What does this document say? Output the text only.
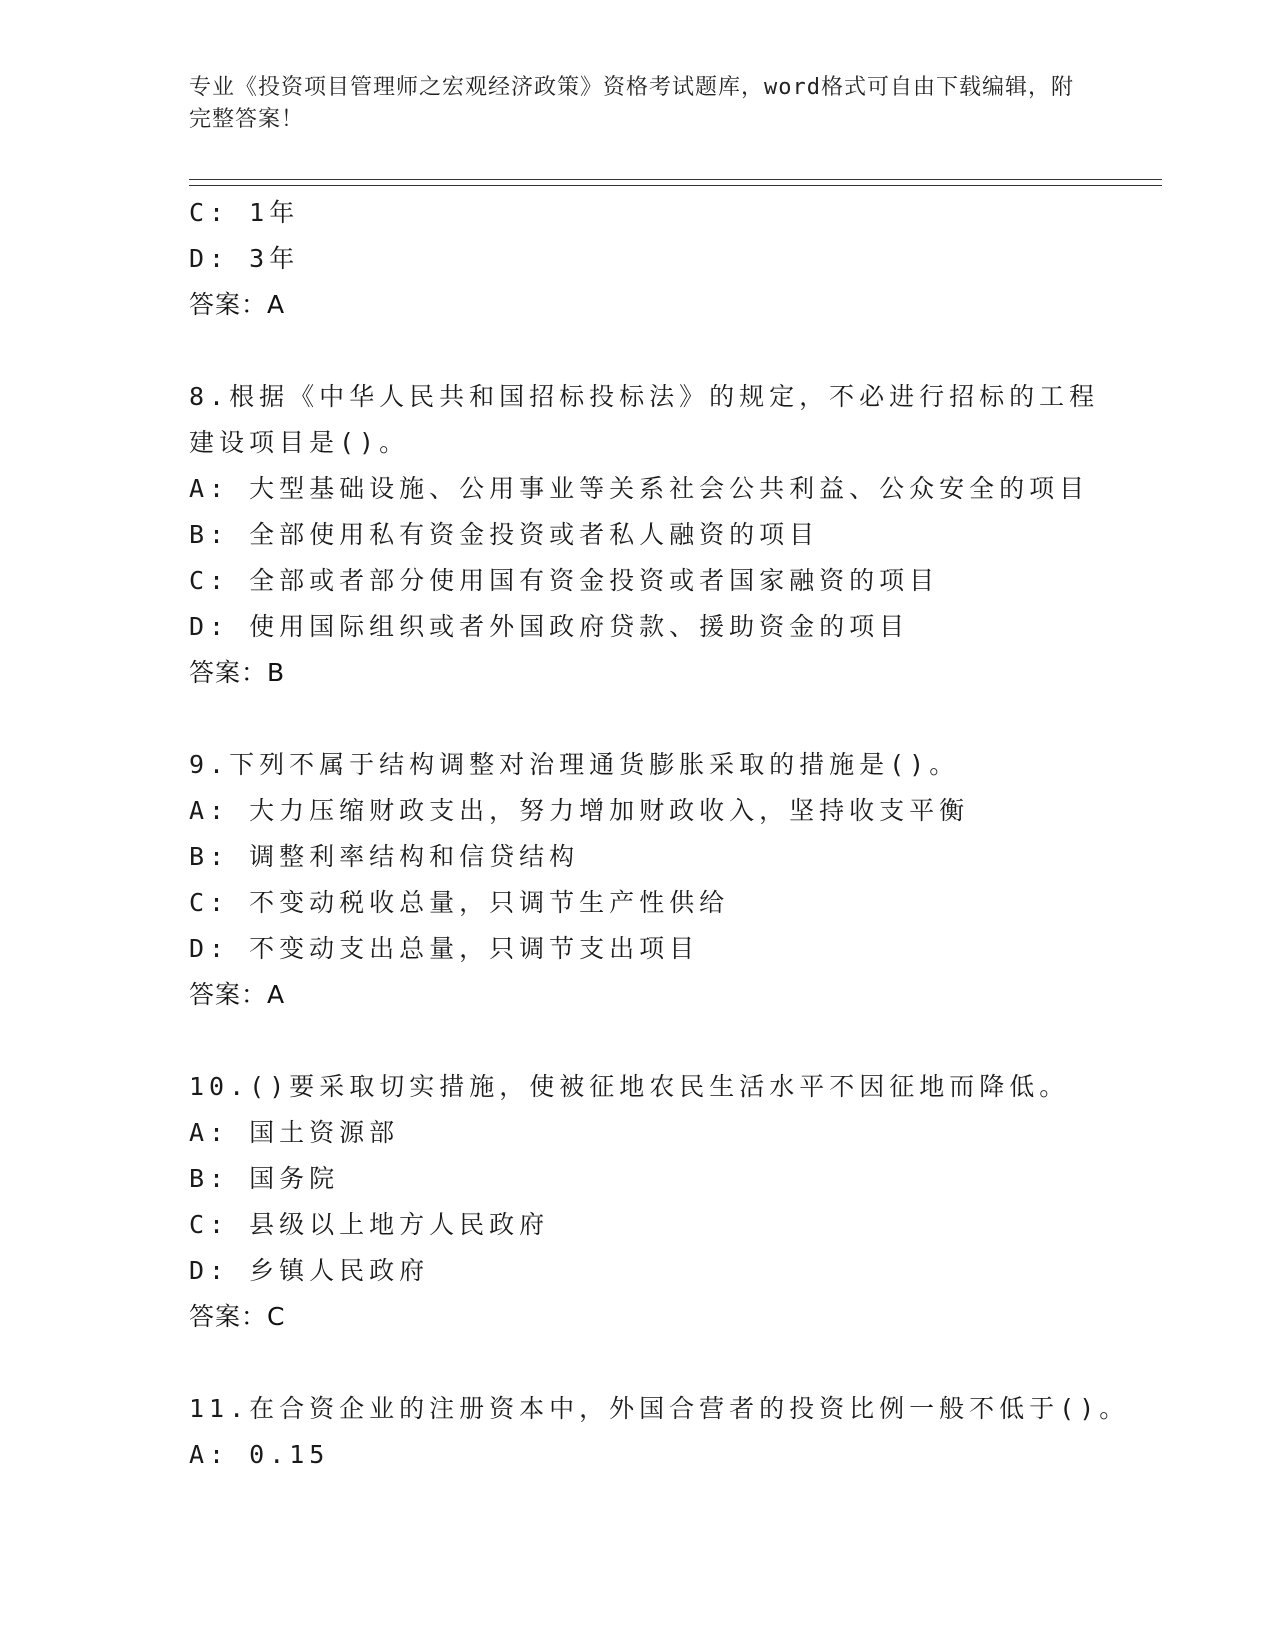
专业《投资项目管理师之宏观经济政策》资格考试题库，word格式可自由下载编辑，附完整答案！
C: 1年
D: 3年
答案：A
8.根据《中华人民共和国招标投标法》的规定，不必进行招标的工程
建设项目是()。
A: 大型基础设施、公用事业等关系社会公共利益、公众安全的项目
B: 全部使用私有资金投资或者私人融资的项目
C: 全部或者部分使用国有资金投资或者国家融资的项目
D: 使用国际组织或者外国政府贷款、援助资金的项目
答案：B
9.下列不属于结构调整对治理通货膨胀采取的措施是()。
A: 大力压缩财政支出，努力增加财政收入，坚持收支平衡
B: 调整利率结构和信贷结构
C: 不变动税收总量，只调节生产性供给
D: 不变动支出总量，只调节支出项目
答案：A
10.()要采取切实措施，使被征地农民生活水平不因征地而降低。
A: 国土资源部
B: 国务院
C: 县级以上地方人民政府
D: 乡镇人民政府
答案：C
11.在合资企业的注册资本中，外国合营者的投资比例一般不低于()。
A: 0.15
